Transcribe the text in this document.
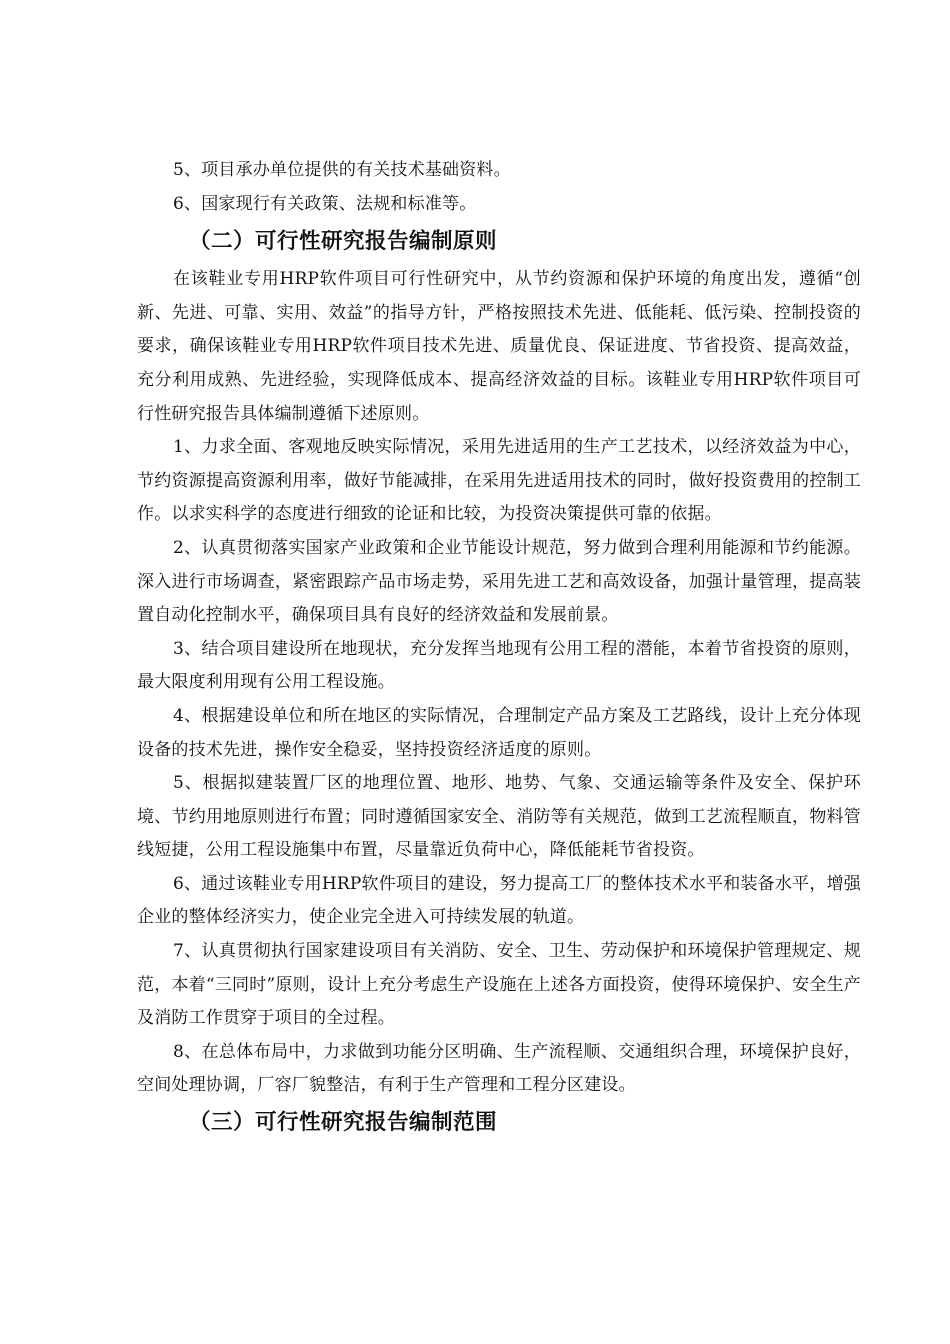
5、项目承办单位提供的有关技术基础资料。

6、国家现行有关政策、法规和标准等。

（二）可行性研究报告编制原则

在该鞋业专用HRP软件项目可行性研究中，从节约资源和保护环境的角度出发，遵循“创新、先进、可靠、实用、效益”的指导方针，严格按照技术先进、低能耗、低污染、控制投资的要求，确保该鞋业专用HRP软件项目技术先进、质量优良、保证进度、节省投资、提高效益，充分利用成熟、先进经验，实现降低成本、提高经济效益的目标。该鞋业专用HRP软件项目可行性研究报告具体编制遵循下述原则。

1、力求全面、客观地反映实际情况，采用先进适用的生产工艺技术，以经济效益为中心，节约资源提高资源利用率，做好节能减排，在采用先进适用技术的同时，做好投资费用的控制工作。以求实科学的态度进行细致的论证和比较，为投资决策提供可靠的依据。

2、认真贯彻落实国家产业政策和企业节能设计规范，努力做到合理利用能源和节约能源。深入进行市场调查，紧密跟踪产品市场走势，采用先进工艺和高效设备，加强计量管理，提高装置自动化控制水平，确保项目具有良好的经济效益和发展前景。

3、结合项目建设所在地现状，充分发挥当地现有公用工程的潜能，本着节省投资的原则，最大限度利用现有公用工程设施。

4、根据建设单位和所在地区的实际情况，合理制定产品方案及工艺路线，设计上充分体现设备的技术先进，操作安全稳妥，坚持投资经济适度的原则。

5、根据拟建装置厂区的地理位置、地形、地势、气象、交通运输等条件及安全、保护环境、节约用地原则进行布置；同时遵循国家安全、消防等有关规范，做到工艺流程顺直，物料管线短捷，公用工程设施集中布置，尽量靠近负荷中心，降低能耗节省投资。

6、通过该鞋业专用HRP软件项目的建设，努力提高工厂的整体技术水平和装备水平，增强企业的整体经济实力，使企业完全进入可持续发展的轨道。

7、认真贯彻执行国家建设项目有关消防、安全、卫生、劳动保护和环境保护管理规定、规范，本着“三同时”原则，设计上充分考虑生产设施在上述各方面投资，使得环境保护、安全生产及消防工作贯穿于项目的全过程。

8、在总体布局中，力求做到功能分区明确、生产流程顺、交通组织合理，环境保护良好，空间处理协调，厂容厂貌整洁，有利于生产管理和工程分区建设。

（三）可行性研究报告编制范围
